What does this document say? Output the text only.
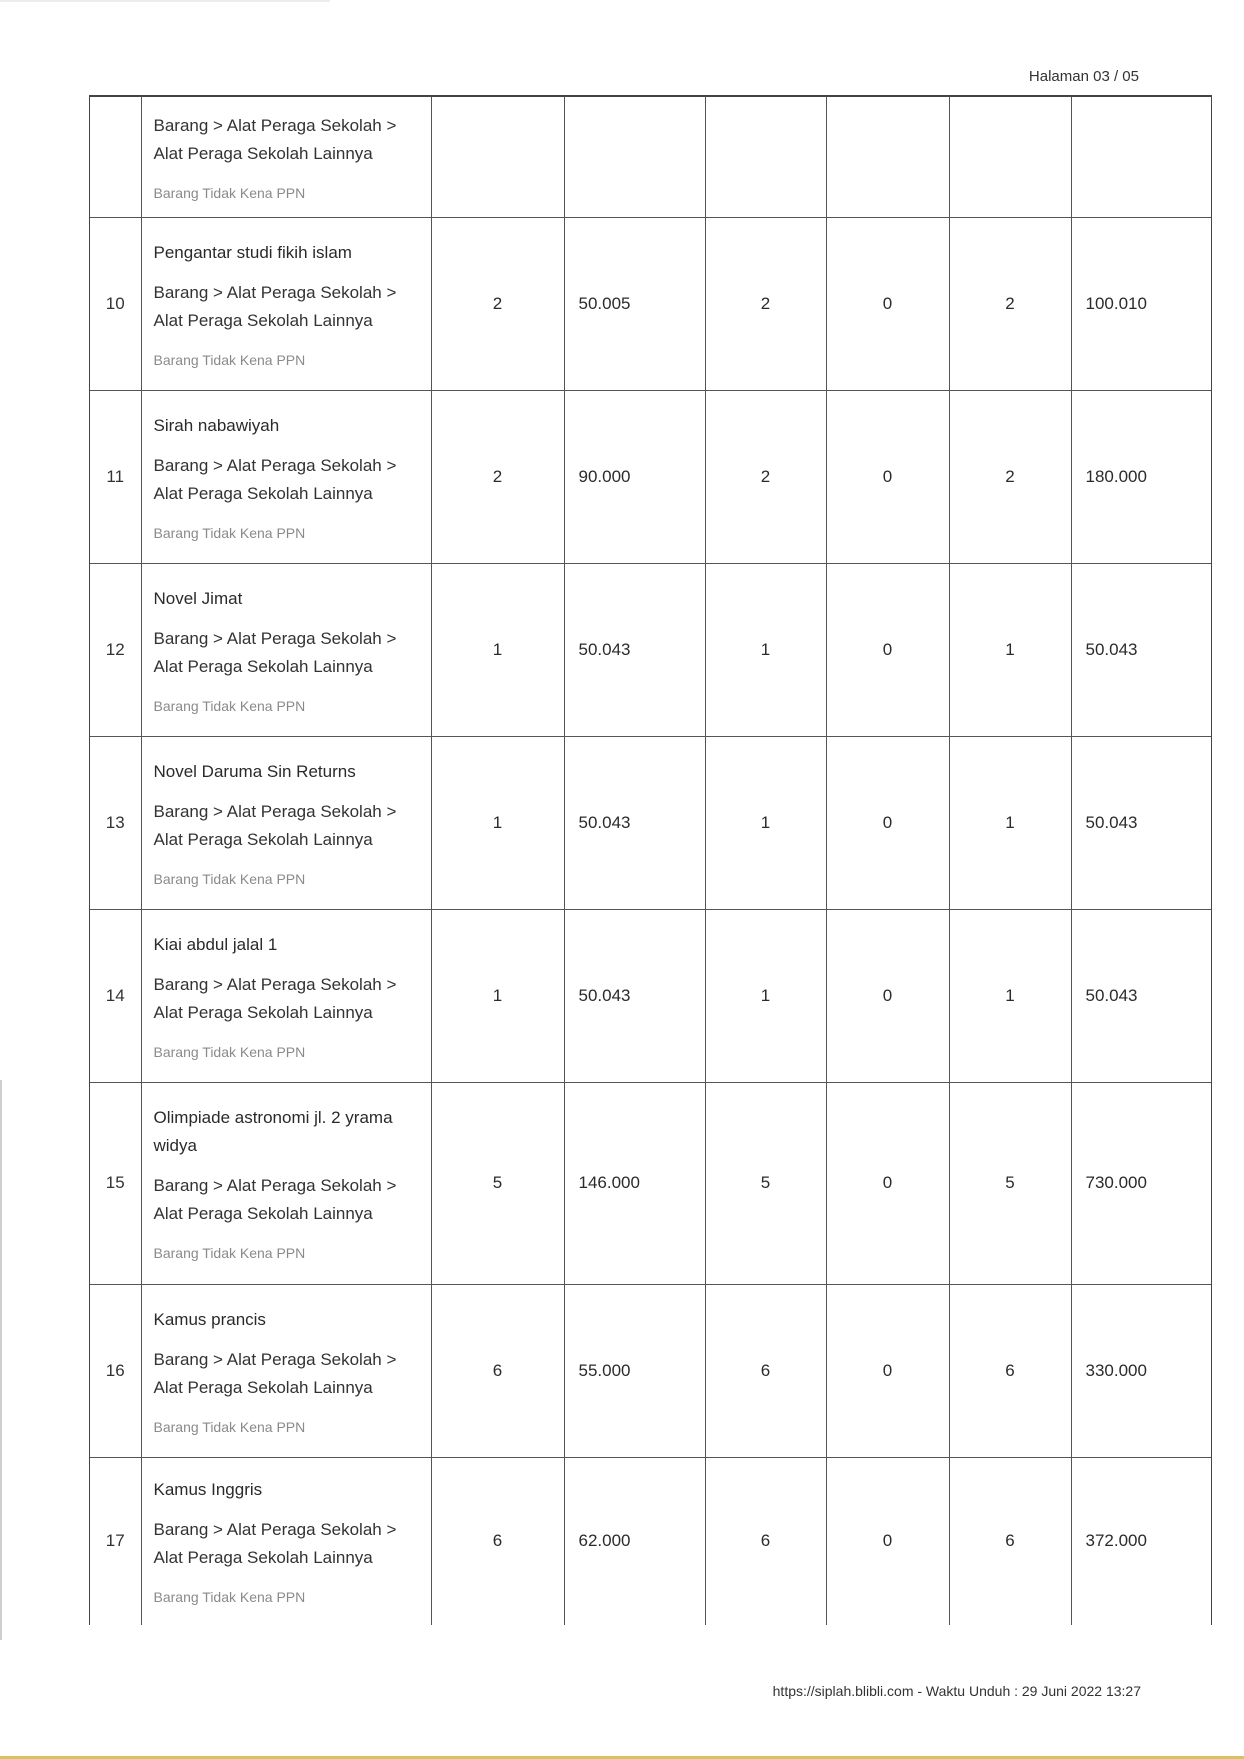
Halaman 03 / 05

	Barang > Alat Peraga Sekolah > Alat Peraga Sekolah Lainnya
Barang Tidak Kena PPN						

10	Pengantar studi fikih islam
Barang > Alat Peraga Sekolah > Alat Peraga Sekolah Lainnya
Barang Tidak Kena PPN	2	50.005	2	0	2	100.010
11	Sirah nabawiyah
Barang > Alat Peraga Sekolah > Alat Peraga Sekolah Lainnya
Barang Tidak Kena PPN	2	90.000	2	0	2	180.000
12	Novel Jimat
Barang > Alat Peraga Sekolah > Alat Peraga Sekolah Lainnya
Barang Tidak Kena PPN	1	50.043	1	0	1	50.043
13	Novel Daruma Sin Returns
Barang > Alat Peraga Sekolah > Alat Peraga Sekolah Lainnya
Barang Tidak Kena PPN	1	50.043	1	0	1	50.043
14	Kiai abdul jalal 1
Barang > Alat Peraga Sekolah > Alat Peraga Sekolah Lainnya
Barang Tidak Kena PPN	1	50.043	1	0	1	50.043
15	Olimpiade astronomi jl. 2 yrama widya
Barang > Alat Peraga Sekolah > Alat Peraga Sekolah Lainnya
Barang Tidak Kena PPN	5	146.000	5	0	5	730.000
16	Kamus prancis
Barang > Alat Peraga Sekolah > Alat Peraga Sekolah Lainnya
Barang Tidak Kena PPN	6	55.000	6	0	6	330.000
17	Kamus Inggris
Barang > Alat Peraga Sekolah > Alat Peraga Sekolah Lainnya
Barang Tidak Kena PPN	6	62.000	6	0	6	372.000
https://siplah.blibli.com - Waktu Unduh : 29 Juni 2022 13:27
